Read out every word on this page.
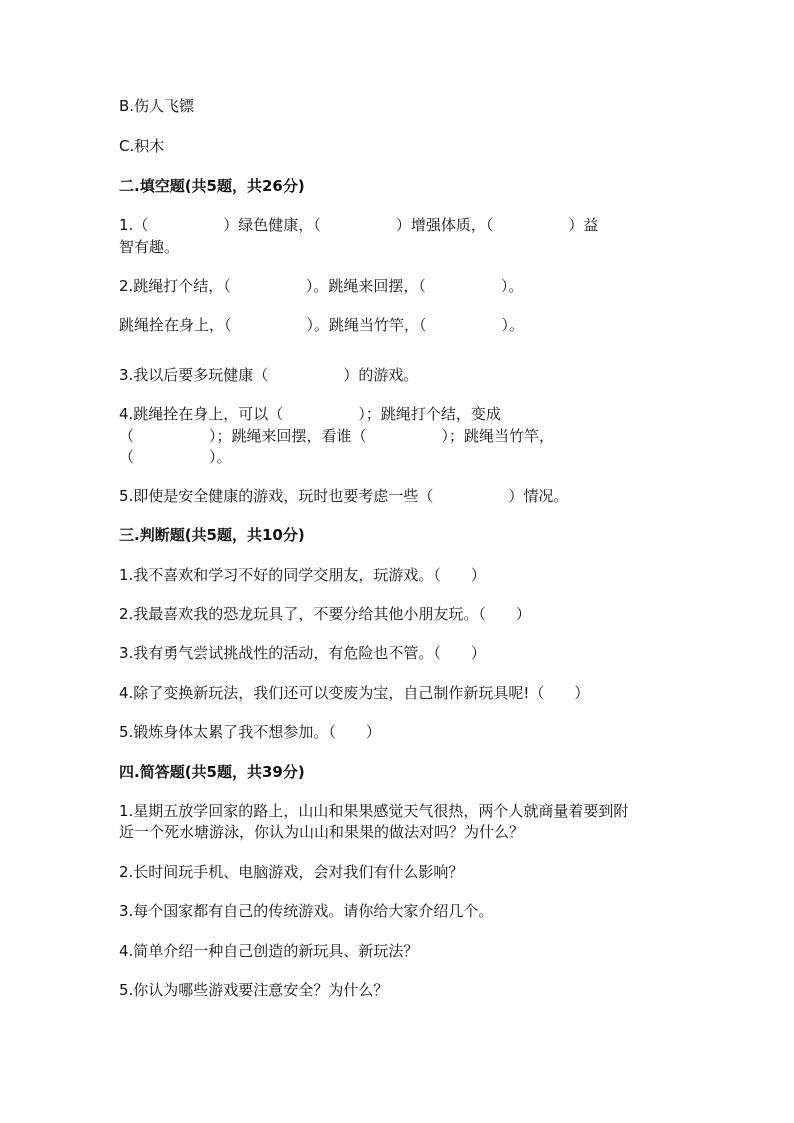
B.伤人飞镖
C.积木
二.填空题(共5题，共26分)
1.（　　　　　）绿色健康，（　　　　　）增强体质，（　　　　　）益
智有趣。
2.跳绳打个结，（　　　　　）。跳绳来回摆，（　　　　　）。
跳绳拴在身上，（　　　　　）。跳绳当竹竿，（　　　　　）。
3.我以后要多玩健康（　　　　　）的游戏。
4.跳绳拴在身上，可以（　　　　　）；跳绳打个结，变成
（　　　　　）；跳绳来回摆，看谁（　　　　　）；跳绳当竹竿，
（　　　　　）。
5.即使是安全健康的游戏，玩时也要考虑一些（　　　　　）情况。
三.判断题(共5题，共10分)
1.我不喜欢和学习不好的同学交朋友，玩游戏。（　　）
2.我最喜欢我的恐龙玩具了，不要分给其他小朋友玩。（　　）
3.我有勇气尝试挑战性的活动，有危险也不管。（　　）
4.除了变换新玩法，我们还可以变废为宝，自己制作新玩具呢!（　　）
5.锻炼身体太累了我不想参加。（　　）
四.简答题(共5题，共39分)
1.星期五放学回家的路上，山山和果果感觉天气很热，两个人就商量着要到附
近一个死水塘游泳，你认为山山和果果的做法对吗？为什么？
2.长时间玩手机、电脑游戏，会对我们有什么影响？
3.每个国家都有自己的传统游戏。请你给大家介绍几个。
4.简单介绍一种自己创造的新玩具、新玩法？
5.你认为哪些游戏要注意安全？为什么？
